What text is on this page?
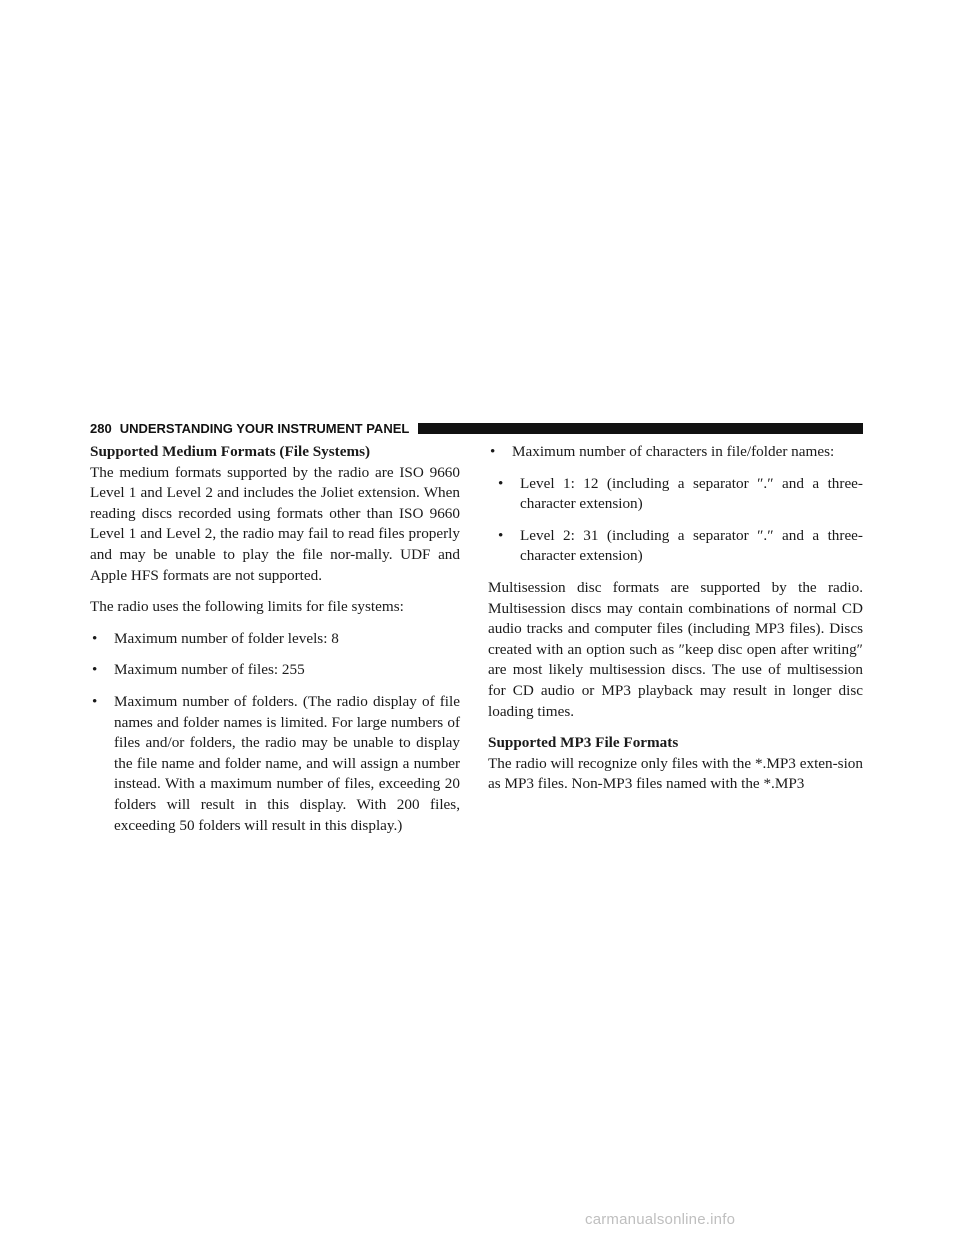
280 UNDERSTANDING YOUR INSTRUMENT PANEL
Supported Medium Formats (File Systems)

The medium formats supported by the radio are ISO 9660 Level 1 and Level 2 and includes the Joliet extension. When reading discs recorded using formats other than ISO 9660 Level 1 and Level 2, the radio may fail to read files properly and may be unable to play the file nor-mally. UDF and Apple HFS formats are not supported.

The radio uses the following limits for file systems:

• Maximum number of folder levels: 8
• Maximum number of files: 255
• Maximum number of folders. (The radio display of file names and folder names is limited. For large numbers of files and/or folders, the radio may be unable to display the file name and folder name, and will assign a number instead. With a maximum number of files, exceeding 20 folders will result in this display. With 200 files, exceeding 50 folders will result in this display.)
• Maximum number of characters in file/folder names:
• Level 1: 12 (including a separator ″.″ and a three-character extension)
• Level 2: 31 (including a separator ″.″ and a three-character extension)

Multisession disc formats are supported by the radio. Multisession discs may contain combinations of normal CD audio tracks and computer files (including MP3 files). Discs created with an option such as ″keep disc open after writing″ are most likely multisession discs. The use of multisession for CD audio or MP3 playback may result in longer disc loading times.

Supported MP3 File Formats

The radio will recognize only files with the *.MP3 exten-sion as MP3 files. Non-MP3 files named with the *.MP3

carmanualsonline.info
